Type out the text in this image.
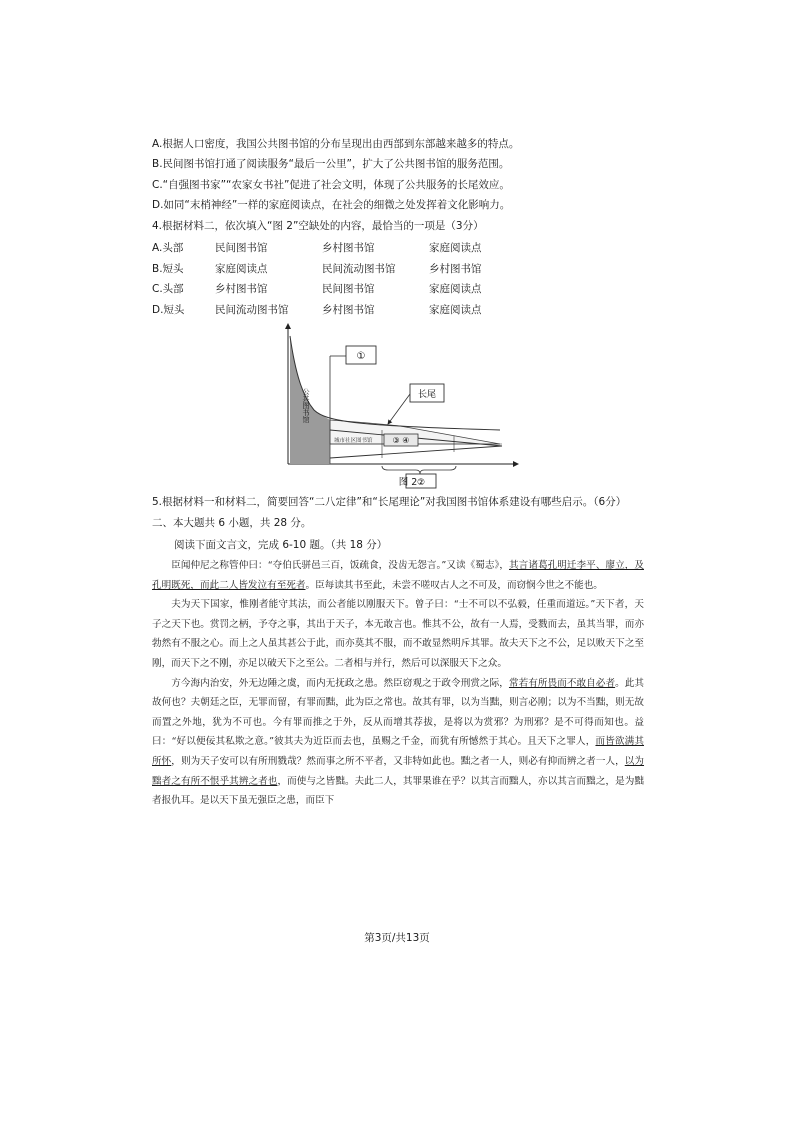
A.根据人口密度，我国公共图书馆的分布呈现出由西部到东部越来越多的特点。
B.民间图书馆打通了阅读服务“最后一公里”，扩大了公共图书馆的服务范围。
C.“自强图书家”“农家女书社”促进了社会文明，体现了公共服务的长尾效应。
D.如同“末梢神经”一样的家庭阅读点，在社会的细微之处发挥着文化影响力。
4.根据材料二，依次填入“图 2”空缺处的内容，最恰当的一项是（3分）
A.头部	民间图书馆	乡村图书馆	家庭阅读点
B.短头	家庭阅读点	民间流动图书馆	乡村图书馆
C.头部	乡村图书馆	民间图书馆	家庭阅读点
D.短头	民间流动图书馆	乡村图书馆	家庭阅读点
①
长尾
城市社区图书馆	③ ④
②
公共图书馆
图 2
5.根据材料一和材料二，简要回答“二八定律”和“长尾理论”对我国图书馆体系建设有哪些启示。（6分）
二、本大题共 6 小题，共 28 分。
阅读下面文言文，完成 6-10 题。（共 18 分）

臣闻仲尼之称管仲曰：“夺伯氏骈邑三百，饭疏食，没齿无怨言。”又读《蜀志》，其言诸葛孔明迁李平、廖立，及孔明既死，而此二人皆发泣有至死者。臣每读其书至此，未尝不嗟叹古人之不可及，而窃悯今世之不能也。

夫为天下国家，惟刚者能守其法，而公者能以刚服天下。曾子曰：“士不可以不弘毅，任重而道远。”天下者，天子之天下也。赏罚之柄，予夺之事，其出于天子，本无敢言也。惟其不公，故有一人焉，受戮而去，虽其当罪，而亦勃然有不服之心。而上之人虽其甚公于此，而亦莫其不服，而不敢显然明斥其罪。故夫天下之不公，足以败天下之至刚，而天下之不刚，亦足以破天下之至公。二者相与并行，然后可以深服天下之众。

方今海内治安，外无边陲之虞，而内无抚政之患。然臣窃观之于政令刑赏之际，常若有所畏而不敢自必者。此其故何也？夫朝廷之臣，无罪而留，有罪而黜，此为臣之常也。故其有罪，以为当黜，则言必刚；以为不当黜，则无故而置之外地，犹为不可也。今有罪而推之于外，反从而增其荐拔，是将以为赏邪？为刑邪？是不可得而知也。益曰：“好以便佞其私欺之意。”彼其夫为近臣而去也，虽赐之千金，而犹有所憾然于其心。且天下之罪人，而皆欲满其所怀，则为天子安可以有所刑戮哉？然而事之所不平者，又非特如此也。黜之者一人，则必有抑而辨之者一人，以为黜者之有所不恨乎其辨之者也，而使与之皆黜。夫此二人，其罪果谁在乎？以其言而黜人，亦以其言而黜之，是为黜者报仇耳。是以天下虽无强臣之患，而臣下

第3页/共13页
